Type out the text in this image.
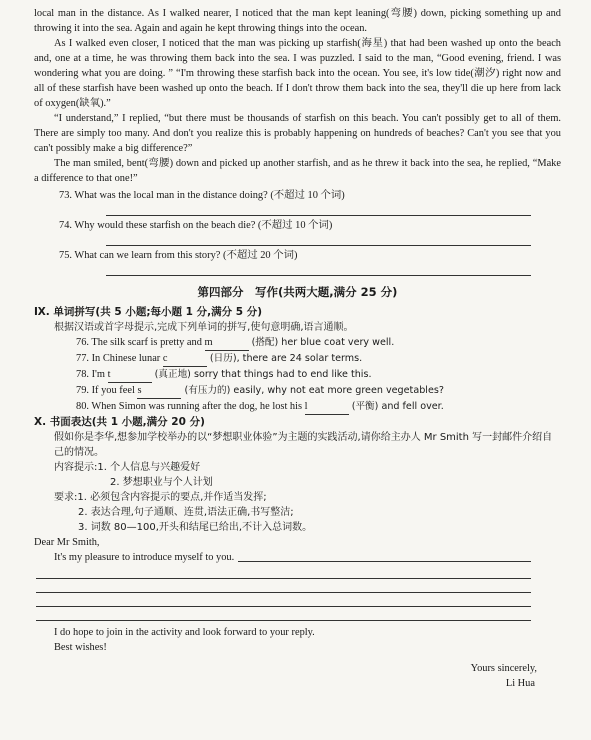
local man in the distance. As I walked nearer, I noticed that the man kept leaning(弯腰) down, picking something up and throwing it into the sea. Again and again he kept throwing things into the ocean.

As I walked even closer, I noticed that the man was picking up starfish(海星) that had been washed up onto the beach and, one at a time, he was throwing them back into the sea. I was puzzled. I said to the man, “Good evening, friend. I was wondering what you are doing. ” “I'm throwing these starfish back into the ocean. You see, it's low tide(潮汐) right now and all of these starfish have been washed up onto the beach. If I don't throw them back into the sea, they'll die up here from lack of oxygen(缺氧).”

“I understand,” I replied, “but there must be thousands of starfish on this beach. You can't possibly get to all of them. There are simply too many. And don't you realize this is probably happening on hundreds of beaches? Can't you see that you can't possibly make a big difference?”

The man smiled, bent(弯腰) down and picked up another starfish, and as he threw it back into the sea, he replied, “Make a difference to that one!”

73. What was the local man in the distance doing? (不超过 10 个词)

74. Why would these starfish on the beach die? (不超过 10 个词)

75. What can we learn from this story? (不超过 20 个词)

第四部分　写作(共两大题,满分 25 分)

Ⅸ. 单词拼写(共 5 小题;每小题 1 分,满分 5 分)

根据汉语或首字母提示,完成下列单词的拼写,使句意明确,语言通顺。

76. The silk scarf is pretty and m	(搭配) her blue coat very well.

77. In Chinese lunar c	(日历), there are 24 solar terms.

78. I'm t	(真正地) sorry that things had to end like this.

79. If you feel s	(有压力的) easily, why not eat more green vegetables?

80. When Simon was running after the dog, he lost his l	(平衡) and fell over.

Ⅹ. 书面表达(共 1 小题,满分 20 分)

假如你是李华,想参加学校举办的以“梦想职业体验”为主题的实践活动,请你给主办人 Mr Smith 写一封邮件介绍自己的情况。

内容提示:1. 个人信息与兴趣爱好

2. 梦想职业与个人计划

要求:1. 必须包含内容提示的要点,并作适当发挥;

2. 表达合理,句子通顺、连贯,语法正确,书写整洁;

3. 词数 80—100,开头和结尾已给出,不计入总词数。

Dear Mr Smith,

It's my pleasure to introduce myself to you.

I do hope to join in the activity and look forward to your reply.

Best wishes!

Yours sincerely,

Li Hua
